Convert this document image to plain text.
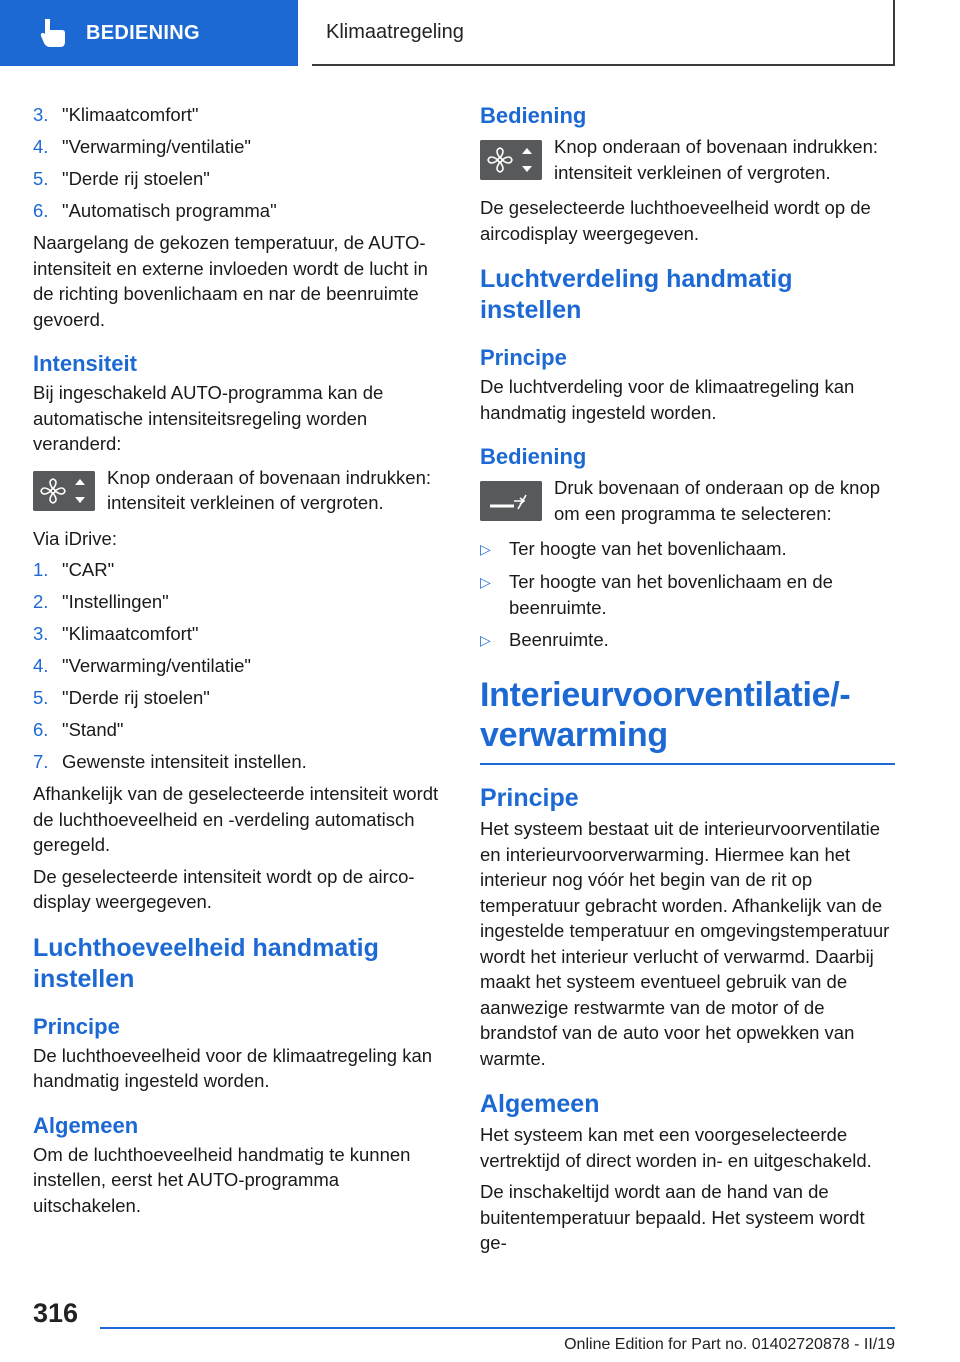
BEDIENING	Klimaatregeling
3. "Klimaatcomfort"
4. "Verwarming/ventilatie"
5. "Derde rij stoelen"
6. "Automatisch programma"

Naargelang de gekozen temperatuur, de AUTO-intensiteit en externe invloeden wordt de lucht in de richting bovenlichaam en nar de beenruimte gevoerd.

Intensiteit

Bij ingeschakeld AUTO-programma kan de automatische intensiteitsregeling worden veranderd:

Knop onderaan of bovenaan indrukken: intensiteit verkleinen of vergroten.

Via iDrive:

1. "CAR"
2. "Instellingen"
3. "Klimaatcomfort"
4. "Verwarming/ventilatie"
5. "Derde rij stoelen"
6. "Stand"
7. Gewenste intensiteit instellen.

Afhankelijk van de geselecteerde intensiteit wordt de luchthoeveelheid en -verdeling automatisch geregeld.

De geselecteerde intensiteit wordt op de airco-display weergegeven.

Luchthoeveelheid handmatig instellen
Principe

De luchthoeveelheid voor de klimaatregeling kan handmatig ingesteld worden.

Algemeen

Om de luchthoeveelheid handmatig te kunnen instellen, eerst het AUTO-programma uitschakelen.

Bediening

Knop onderaan of bovenaan indrukken: intensiteit verkleinen of vergroten.

De geselecteerde luchthoeveelheid wordt op de aircodisplay weergegeven.

Luchtverdeling handmatig instellen
Principe

De luchtverdeling voor de klimaatregeling kan handmatig ingesteld worden.

Bediening

Druk bovenaan of onderaan op de knop om een programma te selecteren:

▷ Ter hoogte van het bovenlichaam.
▷ Ter hoogte van het bovenlichaam en de beenruimte.
▷ Beenruimte.
Interieurvoorventilatie/-verwarming
Principe

Het systeem bestaat uit de interieurvoorventilatie en interieurvoorverwarming. Hiermee kan het interieur nog vóór het begin van de rit op temperatuur gebracht worden. Afhankelijk van de ingestelde temperatuur en omgevingstemperatuur wordt het interieur verlucht of verwarmd. Daarbij maakt het systeem eventueel gebruik van de aanwezige restwarmte van de motor of de brandstof van de auto voor het opwekken van warmte.

Algemeen

Het systeem kan met een voorgeselecteerde vertrektijd of direct worden in- en uitgeschakeld.

De inschakeltijd wordt aan de hand van de buitentemperatuur bepaald. Het systeem wordt ge-

316
Online Edition for Part no. 01402720878 - II/19
